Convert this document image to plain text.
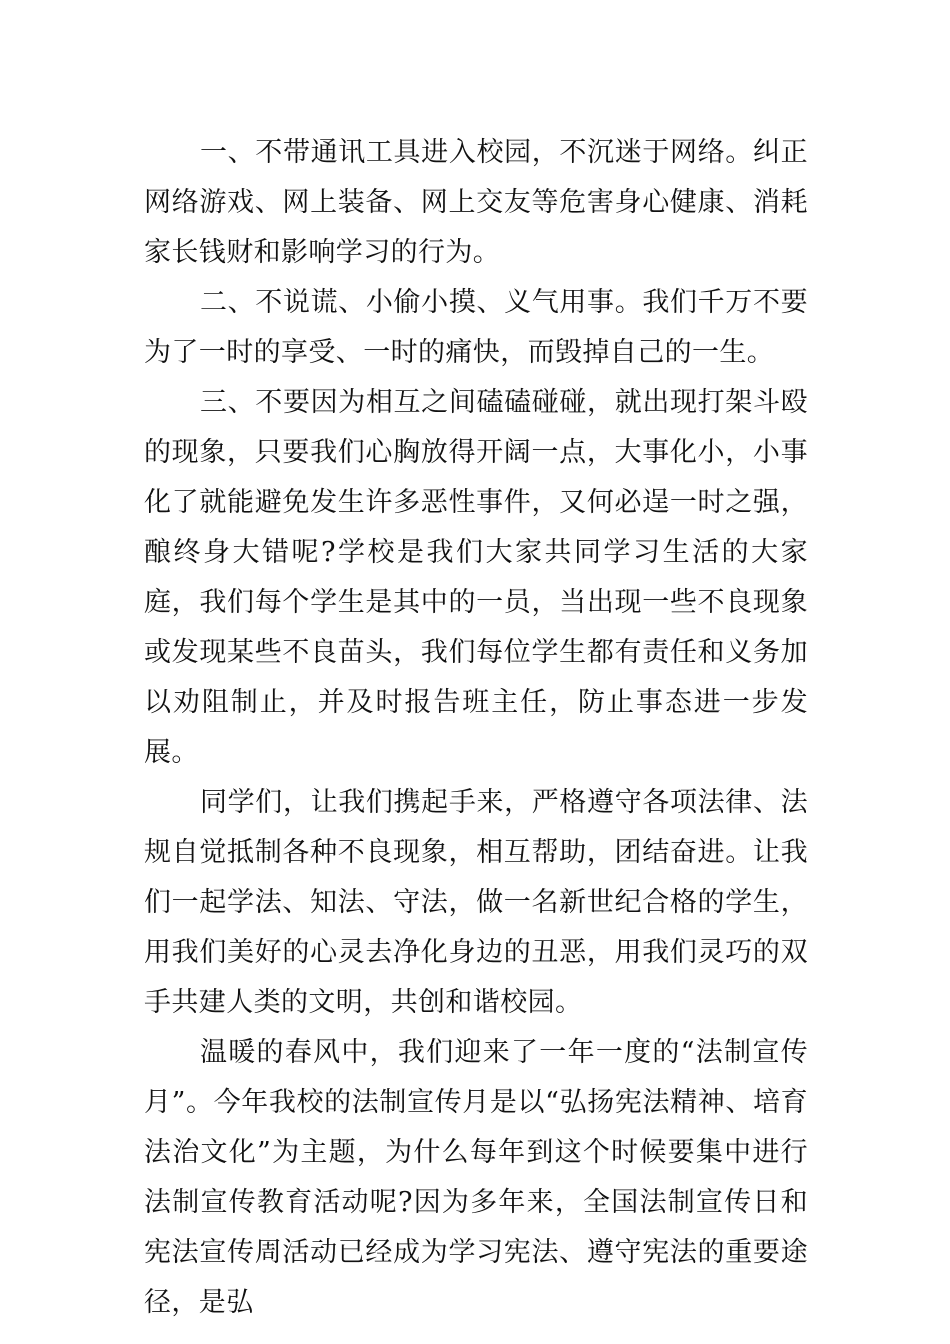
一、不带通讯工具进入校园，不沉迷于网络。纠正网络游戏、网上装备、网上交友等危害身心健康、消耗家长钱财和影响学习的行为。

二、不说谎、小偷小摸、义气用事。我们千万不要为了一时的享受、一时的痛快，而毁掉自己的一生。

三、不要因为相互之间磕磕碰碰，就出现打架斗殴的现象，只要我们心胸放得开阔一点，大事化小，小事化了就能避免发生许多恶性事件，又何必逞一时之强，酿终身大错呢?学校是我们大家共同学习生活的大家庭，我们每个学生是其中的一员，当出现一些不良现象或发现某些不良苗头，我们每位学生都有责任和义务加以劝阻制止，并及时报告班主任，防止事态进一步发展。

同学们，让我们携起手来，严格遵守各项法律、法规自觉抵制各种不良现象，相互帮助，团结奋进。让我们一起学法、知法、守法，做一名新世纪合格的学生，用我们美好的心灵去净化身边的丑恶，用我们灵巧的双手共建人类的文明，共创和谐校园。

温暖的春风中，我们迎来了一年一度的“法制宣传月”。今年我校的法制宣传月是以“弘扬宪法精神、培育法治文化”为主题，为什么每年到这个时候要集中进行法制宣传教育活动呢?因为多年来，全国法制宣传日和宪法宣传周活动已经成为学习宪法、遵守宪法的重要途径，是弘
